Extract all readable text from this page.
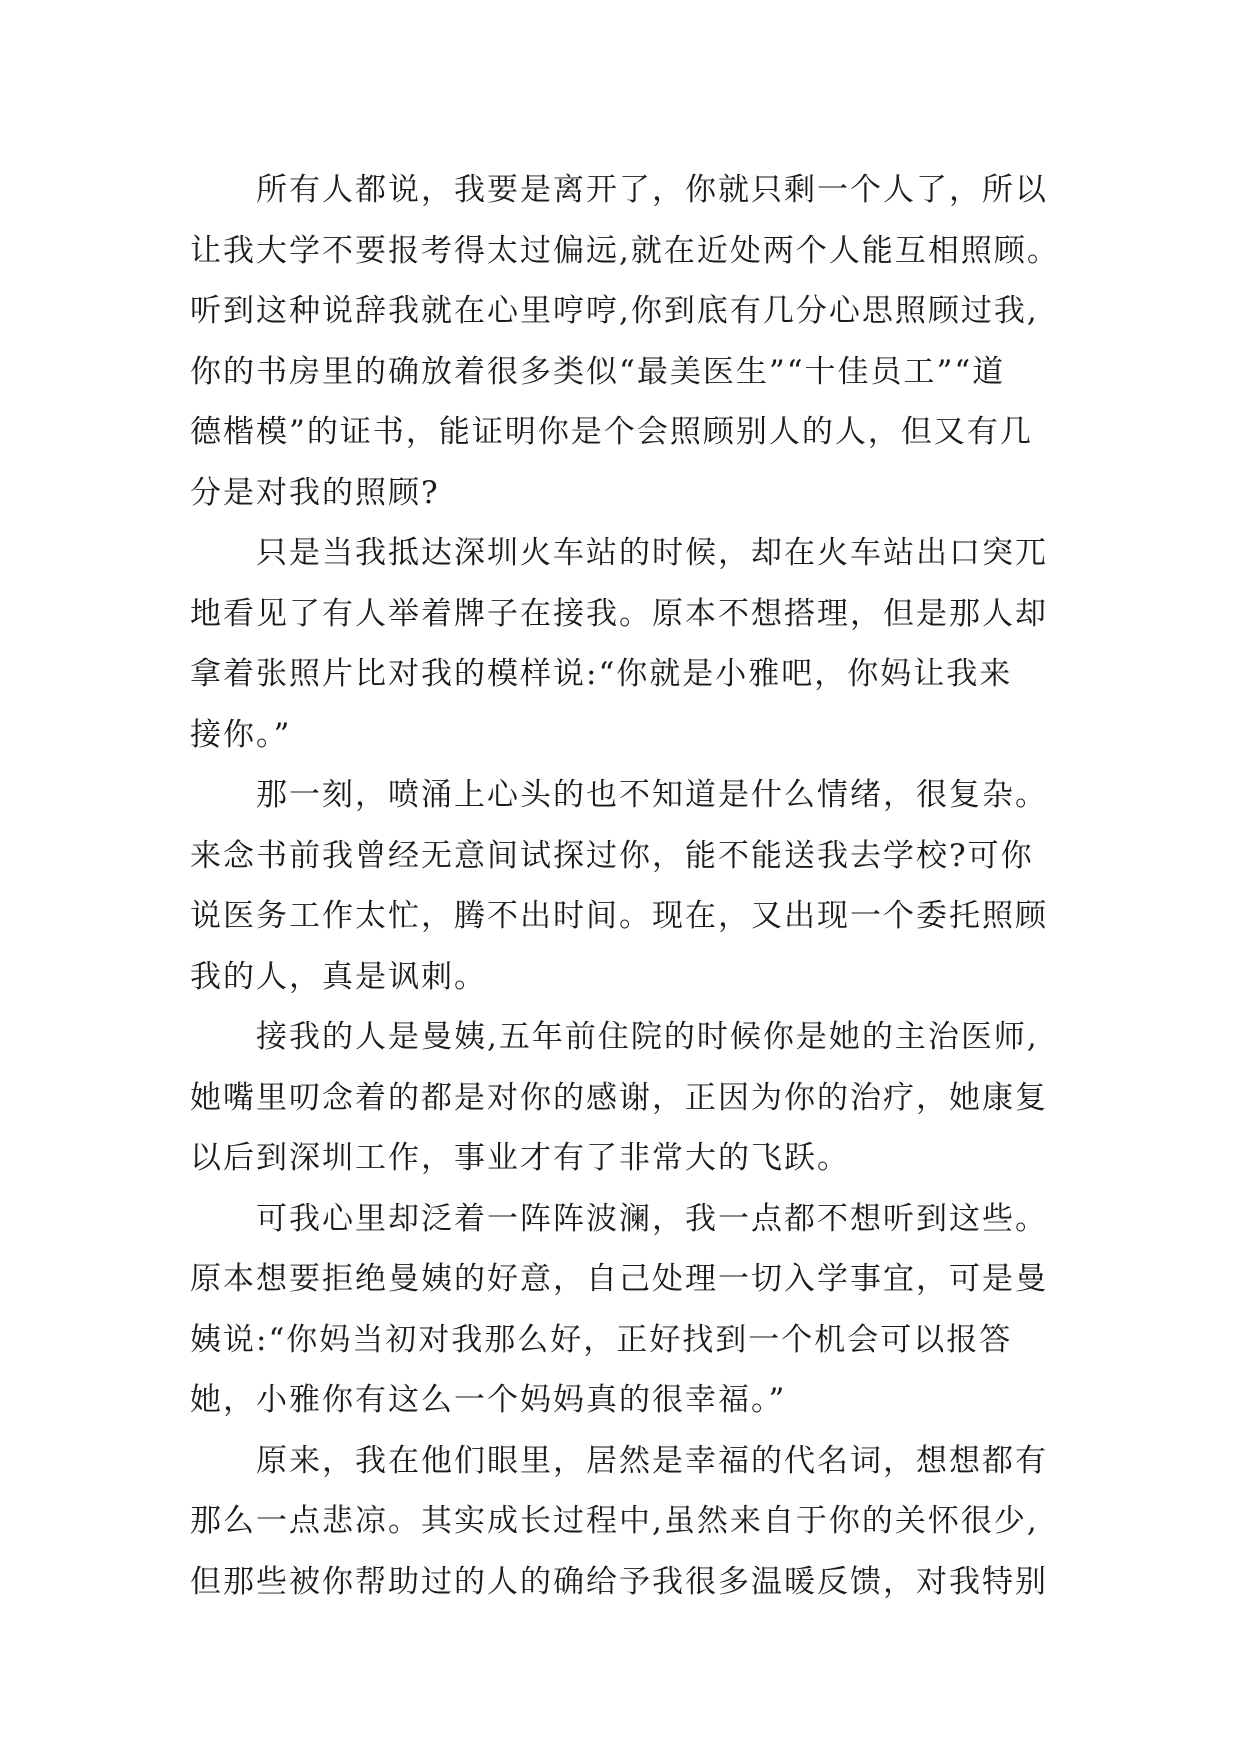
所有人都说，我要是离开了，你就只剩一个人了，所以
让我大学不要报考得太过偏远,就在近处两个人能互相照顾。
听到这种说辞我就在心里哼哼,你到底有几分心思照顾过我,
你的书房里的确放着很多类似“最美医生”“十佳员工”“道
德楷模”的证书，能证明你是个会照顾别人的人，但又有几
分是对我的照顾?
只是当我抵达深圳火车站的时候，却在火车站出口突兀
地看见了有人举着牌子在接我。原本不想搭理，但是那人却
拿着张照片比对我的模样说:“你就是小雅吧，你妈让我来
接你。”
那一刻，喷涌上心头的也不知道是什么情绪，很复杂。
来念书前我曾经无意间试探过你，能不能送我去学校?可你
说医务工作太忙，腾不出时间。现在，又出现一个委托照顾
我的人，真是讽刺。
接我的人是曼姨,五年前住院的时候你是她的主治医师,
她嘴里叨念着的都是对你的感谢，正因为你的治疗，她康复
以后到深圳工作，事业才有了非常大的飞跃。
可我心里却泛着一阵阵波澜，我一点都不想听到这些。
原本想要拒绝曼姨的好意，自己处理一切入学事宜，可是曼
姨说:“你妈当初对我那么好，正好找到一个机会可以报答
她，小雅你有这么一个妈妈真的很幸福。”
原来，我在他们眼里，居然是幸福的代名词，想想都有
那么一点悲凉。其实成长过程中,虽然来自于你的关怀很少,
但那些被你帮助过的人的确给予我很多温暖反馈，对我特别
